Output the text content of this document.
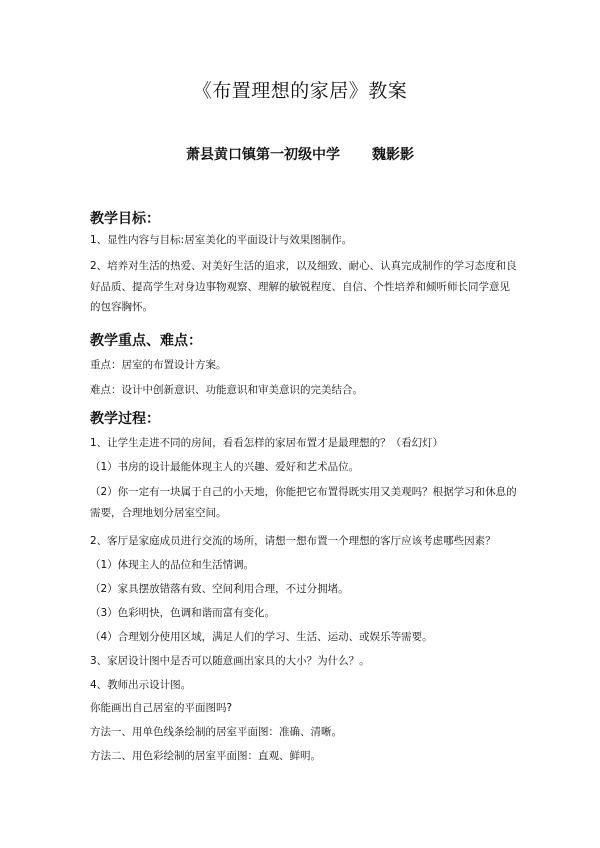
《布置理想的家居》教案
萧县黄口镇第一初级中学 魏影影
教学目标：
1、显性内容与目标:居室美化的平面设计与效果图制作。
2、培养对生活的热爱、对美好生活的追求，以及细致、耐心、认真完成制作的学习态度和良好品质、提高学生对身边事物观察、理解的敏锐程度、自信、个性培养和倾听师长同学意见的包容胸怀。
教学重点、难点：
重点：居室的布置设计方案。
难点：设计中创新意识、功能意识和审美意识的完美结合。
教学过程：
1、让学生走进不同的房间，看看怎样的家居布置才是最理想的？（看幻灯）
（1）书房的设计最能体现主人的兴趣、爱好和艺术品位。
（2）你一定有一块属于自己的小天地，你能把它布置得既实用又美观吗？根据学习和休息的需要，合理地划分居室空间。
2、客厅是家庭成员进行交流的场所，请想一想布置一个理想的客厅应该考虑哪些因素？
（1）体现主人的品位和生活情调。
（2）家具摆放错落有致、空间利用合理，不过分拥堵。
（3）色彩明快，色调和谐而富有变化。
（4）合理划分使用区域，满足人们的学习、生活、运动、或娱乐等需要。
3、家居设计图中是否可以随意画出家具的大小？为什么？。
4、教师出示设计图。
你能画出自己居室的平面图吗?
方法一、用单色线条绘制的居室平面图：准确、清晰。
方法二、用色彩绘制的居室平面图：直观、鲜明。
